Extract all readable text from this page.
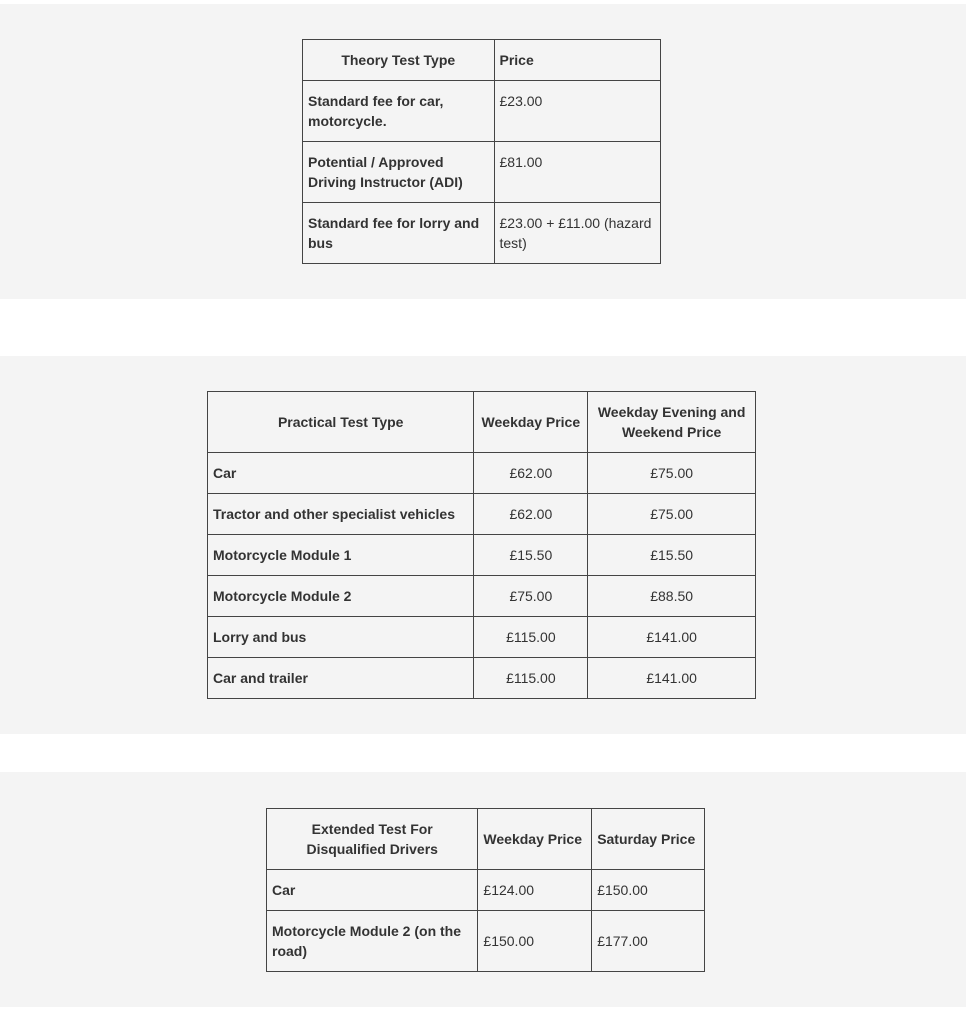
Theory Test Type	Price
Standard fee for car, motorcycle.	£23.00
Potential / Approved Driving Instructor (ADI)	£81.00
Standard fee for lorry and bus	£23.00 + £11.00 (hazard test)
Practical Test Type	Weekday Price	Weekday Evening and Weekend Price
Car	£62.00	£75.00
Tractor and other specialist vehicles	£62.00	£75.00
Motorcycle Module 1	£15.50	£15.50
Motorcycle Module 2	£75.00	£88.50
Lorry and bus	£115.00	£141.00
Car and trailer	£115.00	£141.00
Extended Test For Disqualified Drivers	Weekday Price	Saturday Price
Car	£124.00	£150.00
Motorcycle Module 2 (on the road)	£150.00	£177.00
